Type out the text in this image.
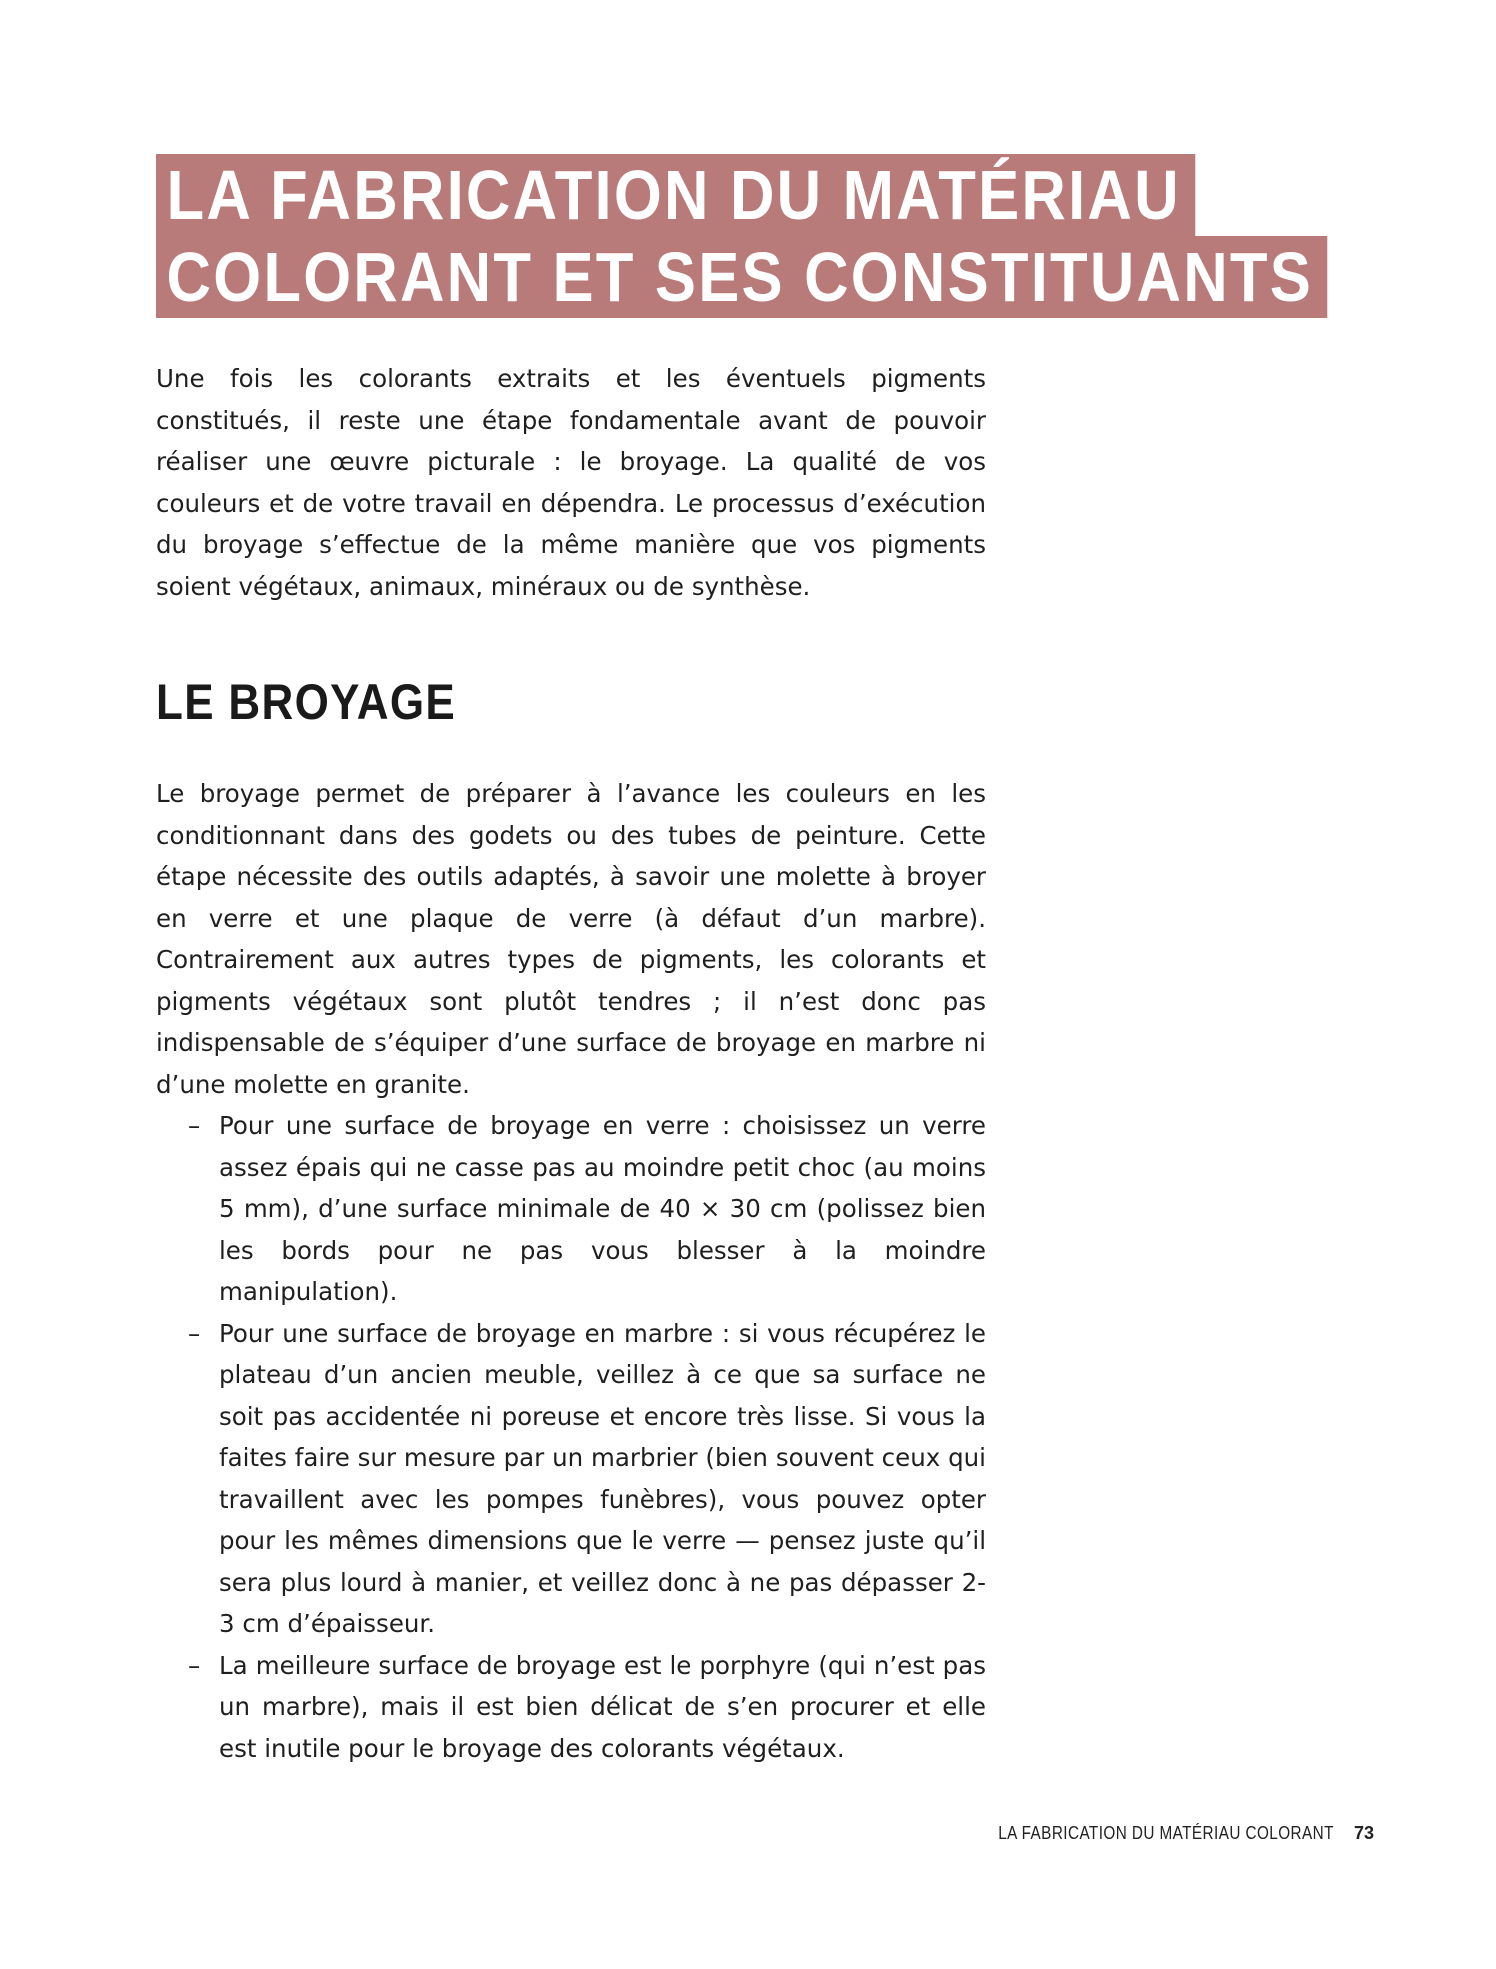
LA FABRICATION DU MATÉRIAU
COLORANT ET SES CONSTITUANTS

Une fois les colorants extraits et les éventuels pigments constitués, il reste une étape fondamentale avant de pouvoir réaliser une œuvre picturale : le broyage. La qualité de vos couleurs et de votre travail en dépendra. Le processus d’exécution du broyage s’effectue de la même manière que vos pigments soient végétaux, animaux, minéraux ou de synthèse.

LE BROYAGE

Le broyage permet de préparer à l’avance les couleurs en les conditionnant dans des godets ou des tubes de peinture. Cette étape nécessite des outils adaptés, à savoir une molette à broyer en verre et une plaque de verre (à défaut d’un marbre). Contrairement aux autres types de pigments, les colorants et pigments végétaux sont plutôt tendres ; il n’est donc pas indispensable de s’équiper d’une surface de broyage en marbre ni d’une molette en granite.

– Pour une surface de broyage en verre : choisissez un verre assez épais qui ne casse pas au moindre petit choc (au moins 5 mm), d’une surface minimale de 40 × 30 cm (polissez bien les bords pour ne pas vous blesser à la moindre manipulation).
– Pour une surface de broyage en marbre : si vous récupérez le plateau d’un ancien meuble, veillez à ce que sa surface ne soit pas accidentée ni poreuse et encore très lisse. Si vous la faites faire sur mesure par un marbrier (bien souvent ceux qui travaillent avec les pompes funèbres), vous pouvez opter pour les mêmes dimensions que le verre — pensez juste qu’il sera plus lourd à manier, et veillez donc à ne pas dépasser 2-3 cm d’épaisseur.
– La meilleure surface de broyage est le porphyre (qui n’est pas un marbre), mais il est bien délicat de s’en procurer et elle est inutile pour le broyage des colorants végétaux.
LA FABRICATION DU MATÉRIAU COLORANT 73
